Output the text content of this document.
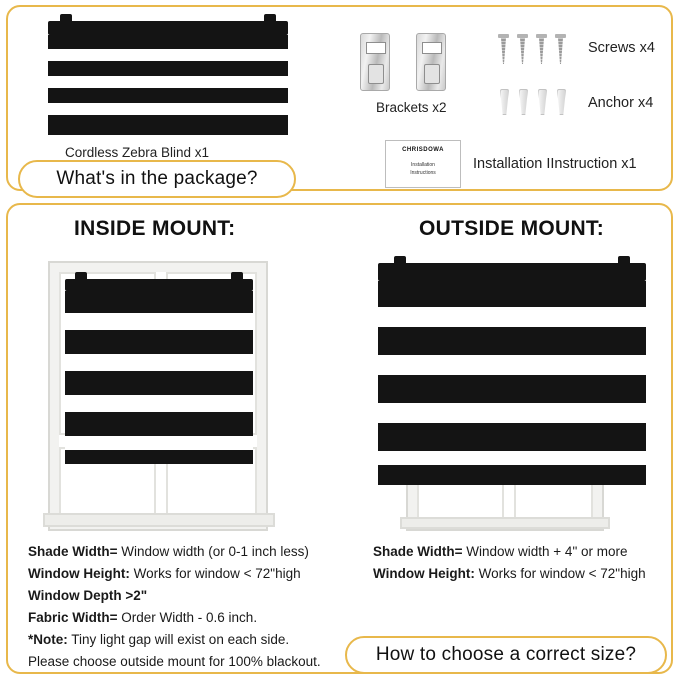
Cordless Zebra Blind x1
Brackets x2
Screws x4
Anchor x4
CHRISDOWA
Installation
Instructions
Installation IInstruction x1
What's in the package?
INSIDE MOUNT:	OUTSIDE MOUNT:
Shade Width= Window width (or 0-1 inch less)
Window Height: Works for window < 72"high
Window Depth >2"
Fabric Width= Order Width - 0.6 inch.
*Note: Tiny light gap will exist on each side.
Please choose outside mount for 100% blackout.
Shade Width= Window width + 4" or more
Window Height: Works for window < 72"high
How to choose a correct size?
